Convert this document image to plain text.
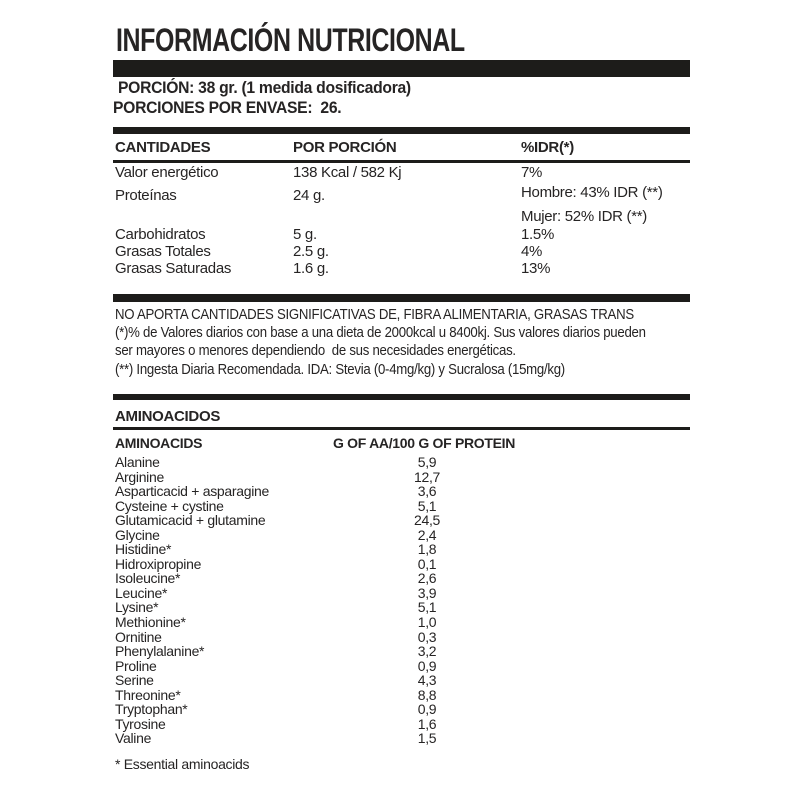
INFORMACIÓN NUTRICIONAL
PORCIÓN: 38 gr. (1 medida dosificadora)
PORCIONES POR ENVASE:  26.
CANTIDADES	POR PORCIÓN	%IDR(*)
Valor energético	138 Kcal / 582 Kj	7%
Proteínas	24 g.	Hombre: 43% IDR (**)
Mujer: 52% IDR (**)
Carbohidratos	5 g.	1.5%
Grasas Totales	2.5 g.	4%
Grasas Saturadas	1.6 g.	13%
NO APORTA CANTIDADES SIGNIFICATIVAS DE, FIBRA ALIMENTARIA, GRASAS TRANS
(*)% de Valores diarios con base a una dieta de 2000kcal u 8400kj. Sus valores diarios pueden
ser mayores o menores dependiendo  de sus necesidades energéticas.
(**) Ingesta Diaria Recomendada. IDA: Stevia (0-4mg/kg) y Sucralosa (15mg/kg)
AMINOACIDOS
AMINOACIDS	G OF AA/100 G OF PROTEIN
Alanine	5,9
Arginine	12,7
Asparticacid + asparagine	3,6
Cysteine + cystine	5,1
Glutamicacid + glutamine	24,5
Glycine	2,4
Histidine*	1,8
Hidroxipropine	0,1
Isoleucine*	2,6
Leucine*	3,9
Lysine*	5,1
Methionine*	1,0
Ornitine	0,3
Phenylalanine*	3,2
Proline	0,9
Serine	4,3
Threonine*	8,8
Tryptophan*	0,9
Tyrosine	1,6
Valine	1,5
* Essential aminoacids
